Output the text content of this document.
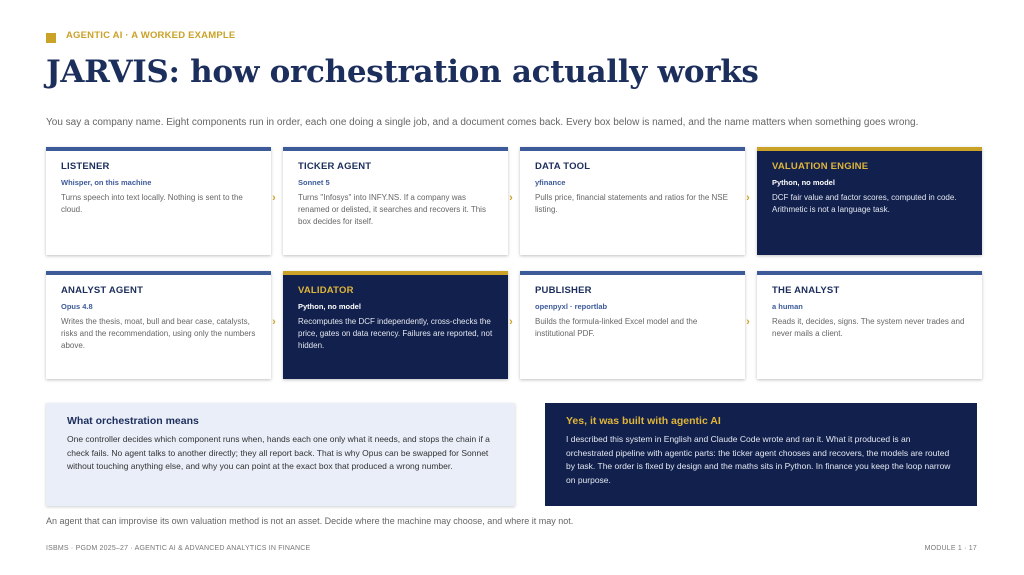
AGENTIC AI · A WORKED EXAMPLE
JARVIS: how orchestration actually works
You say a company name. Eight components run in order, each one doing a single job, and a document comes back. Every box below is named, and the name matters when something goes wrong.
LISTENER
Whisper, on this machine
Turns speech into text locally. Nothing is sent to the cloud.
›
TICKER AGENT
Sonnet 5
Turns "Infosys" into INFY.NS. If a company was renamed or delisted, it searches and recovers it. This box decides for itself.
›
DATA TOOL
yfinance
Pulls price, financial statements and ratios for the NSE listing.
›
VALUATION ENGINE
Python, no model
DCF fair value and factor scores, computed in code. Arithmetic is not a language task.
ANALYST AGENT
Opus 4.8
Writes the thesis, moat, bull and bear case, catalysts, risks and the recommendation, using only the numbers above.
›
VALIDATOR
Python, no model
Recomputes the DCF independently, cross-checks the price, gates on data recency. Failures are reported, not hidden.
›
PUBLISHER
openpyxl · reportlab
Builds the formula-linked Excel model and the institutional PDF.
›
THE ANALYST
a human
Reads it, decides, signs. The system never trades and never mails a client.
What orchestration means
One controller decides which component runs when, hands each one only what it needs, and stops the chain if a check fails. No agent talks to another directly; they all report back. That is why Opus can be swapped for Sonnet without touching anything else, and why you can point at the exact box that produced a wrong number.
Yes, it was built with agentic AI
I described this system in English and Claude Code wrote and ran it. What it produced is an orchestrated pipeline with agentic parts: the ticker agent chooses and recovers, the models are routed by task. The order is fixed by design and the maths sits in Python. In finance you keep the loop narrow on purpose.
An agent that can improvise its own valuation method is not an asset. Decide where the machine may choose, and where it may not.
ISBMS · PGDM 2025–27 · AGENTIC AI & ADVANCED ANALYTICS IN FINANCE	MODULE 1 · 17
